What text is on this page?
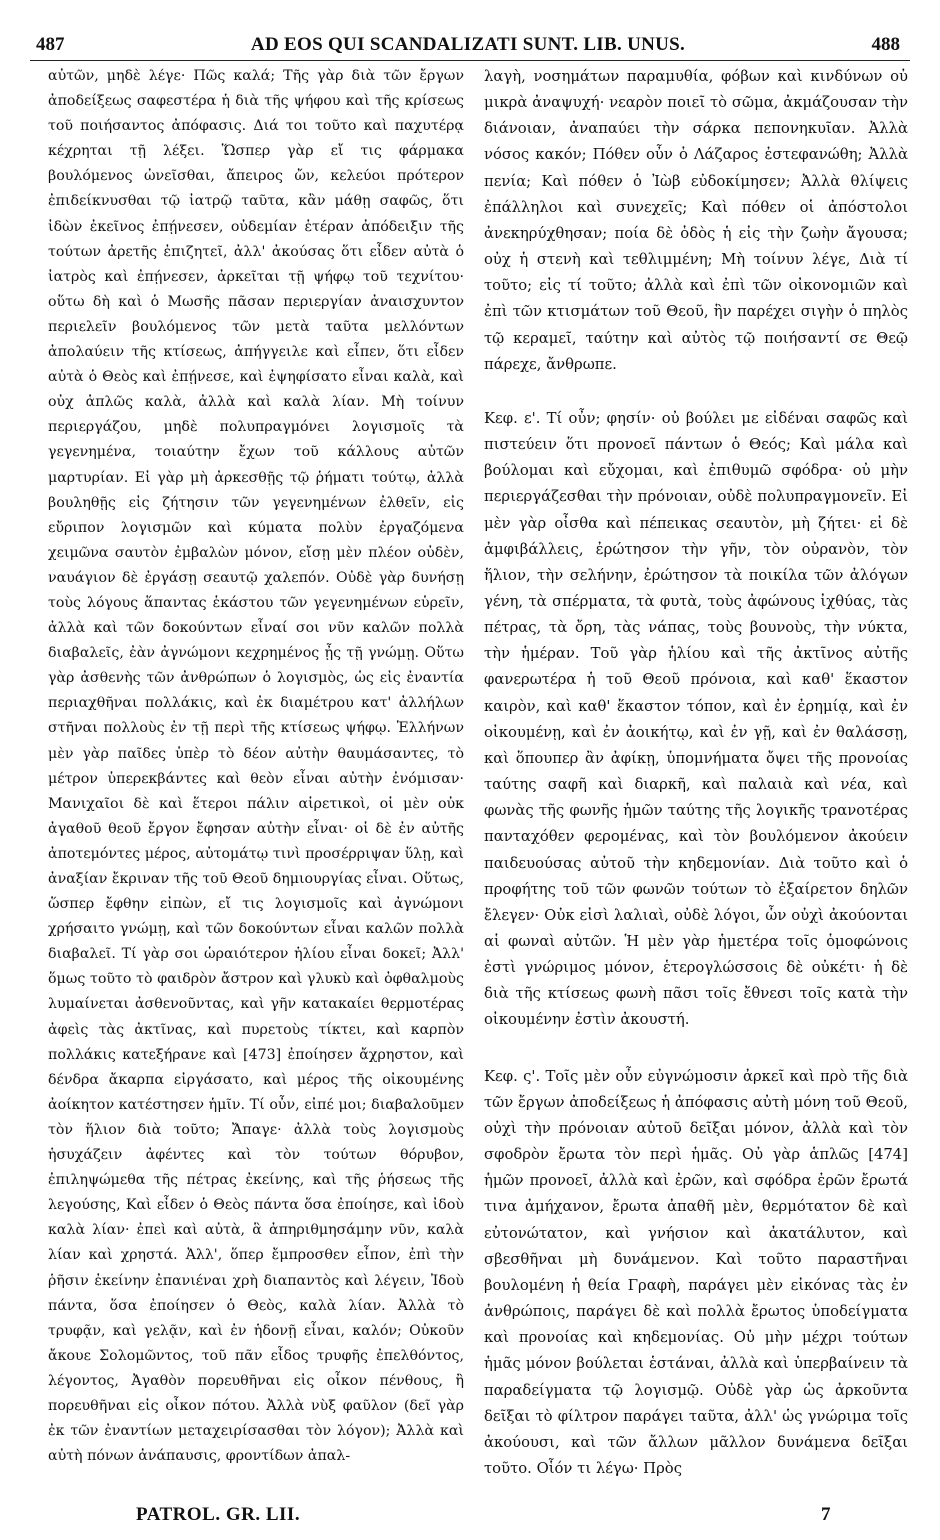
487	AD EOS QUI SCANDALIZATI SUNT. LIB. UNUS.	488

αὐτῶν, μηδὲ λέγε· Πῶς καλά; Τῆς γὰρ διὰ τῶν ἔργων ἀποδείξεως σαφεστέρα ἡ διὰ τῆς ψήφου καὶ τῆς κρίσεως τοῦ ποιήσαντος ἀπόφασις. Διά τοι τοῦτο καὶ παχυτέρᾳ κέχρηται τῇ λέξει. Ὥσπερ γὰρ εἴ τις φάρμακα βουλόμενος ὠνεῖσθαι, ἄπειρος ὤν, κελεύοι πρότερον ἐπιδείκνυσθαι τῷ ἰατρῷ ταῦτα, κἂν μάθῃ σαφῶς, ὅτι ἰδὼν ἐκεῖνος ἐπῄνεσεν, οὐδεμίαν ἑτέραν ἀπόδειξιν τῆς τούτων ἀρετῆς ἐπιζητεῖ, ἀλλ' ἀκούσας ὅτι εἶδεν αὐτὰ ὁ ἰατρὸς καὶ ἐπῄνεσεν, ἀρκεῖται τῇ ψήφῳ τοῦ τεχνίτου· οὕτω δὴ καὶ ὁ Μωσῆς πᾶσαν περιεργίαν ἀναισχυντον περιελεῖν βουλόμενος τῶν μετὰ ταῦτα μελλόντων ἀπολαύειν τῆς κτίσεως, ἀπήγγειλε καὶ εἶπεν, ὅτι εἶδεν αὐτὰ ὁ Θεὸς καὶ ἐπῄνεσε, καὶ ἐψηφίσατο εἶναι καλὰ, καὶ οὐχ ἁπλῶς καλὰ, ἀλλὰ καὶ καλὰ λίαν. Μὴ τοίνυν περιεργάζου, μηδὲ πολυπραγμόνει λογισμοῖς τὰ γεγενημένα, τοιαύτην ἔχων τοῦ κάλλους αὐτῶν μαρτυρίαν. Εἰ γὰρ μὴ ἀρκεσθῇς τῷ ῥήματι τούτῳ, ἀλλὰ βουληθῇς εἰς ζήτησιν τῶν γεγενημένων ἐλθεῖν, εἰς εὔριπον λογισμῶν καὶ κύματα πολὺν ἐργαζόμενα χειμῶνα σαυτὸν ἐμβαλὼν μόνον, εἴσῃ μὲν πλέον οὐδὲν, ναυάγιον δὲ ἐργάσῃ σεαυτῷ χαλεπόν. Οὐδὲ γὰρ δυνήσῃ τοὺς λόγους ἅπαντας ἑκάστου τῶν γεγενημένων εὑρεῖν, ἀλλὰ καὶ τῶν δοκούντων εἶναί σοι νῦν καλῶν πολλὰ διαβαλεῖς, ἐὰν ἀγνώμονι κεχρημένος ᾖς τῇ γνώμῃ. Οὕτω γὰρ ἀσθενὴς τῶν ἀνθρώπων ὁ λογισμὸς, ὡς εἰς ἐναντία περιαχθῆναι πολλάκις, καὶ ἐκ διαμέτρου κατ' ἀλλήλων στῆναι πολλοὺς ἐν τῇ περὶ τῆς κτίσεως ψήφῳ. Ἑλλήνων μὲν γὰρ παῖδες ὑπὲρ τὸ δέον αὐτὴν θαυμάσαντες, τὸ μέτρον ὑπερεκβάντες καὶ θεὸν εἶναι αὐτὴν ἐνόμισαν· Μανιχαῖοι δὲ καὶ ἕτεροι πάλιν αἱρετικοὶ, οἱ μὲν οὐκ ἀγαθοῦ θεοῦ ἔργον ἔφησαν αὐτὴν εἶναι· οἱ δὲ ἐν αὐτῆς ἀποτεμόντες μέρος, αὐτομάτῳ τινὶ προσέρριψαν ὕλῃ, καὶ ἀναξίαν ἔκριναν τῆς τοῦ Θεοῦ δημιουργίας εἶναι. Οὕτως, ὥσπερ ἔφθην εἰπὼν, εἴ τις λογισμοῖς καὶ ἀγνώμονι χρήσαιτο γνώμῃ, καὶ τῶν δοκούντων εἶναι καλῶν πολλὰ διαβαλεῖ. Τί γὰρ σοι ὡραιότερον ἡλίου εἶναι δοκεῖ; Ἀλλ' ὅμως τοῦτο τὸ φαιδρὸν ἄστρον καὶ γλυκὺ καὶ ὀφθαλμοὺς λυμαίνεται ἀσθενοῦντας, καὶ γῆν κατακαίει θερμοτέρας ἀφεὶς τὰς ἀκτῖνας, καὶ πυρετοὺς τίκτει, καὶ καρπὸν πολλάκις κατεξήρανε καὶ [473] ἐποίησεν ἄχρηστον, καὶ δένδρα ἄκαρπα εἰργάσατο, καὶ μέρος τῆς οἰκουμένης ἀοίκητον κατέστησεν ἡμῖν. Τί οὖν, εἰπέ μοι; διαβαλοῦμεν τὸν ἥλιον διὰ τοῦτο; Ἄπαγε· ἀλλὰ τοὺς λογισμοὺς ἡσυχάζειν ἀφέντες καὶ τὸν τούτων θόρυβον, ἐπιληψώμεθα τῆς πέτρας ἐκείνης, καὶ τῆς ῥήσεως τῆς λεγούσης, Καὶ εἶδεν ὁ Θεὸς πάντα ὅσα ἐποίησε, καὶ ἰδοὺ καλὰ λίαν· ἐπεὶ καὶ αὐτὰ, ἃ ἀπηριθμησάμην νῦν, καλὰ λίαν καὶ χρηστά. Ἀλλ', ὅπερ ἔμπροσθεν εἶπον, ἐπὶ τὴν ῥῆσιν ἐκείνην ἐπανιέναι χρὴ διαπαντὸς καὶ λέγειν, Ἰδοὺ πάντα, ὅσα ἐποίησεν ὁ Θεὸς, καλὰ λίαν. Ἀλλὰ τὸ τρυφᾷν, καὶ γελᾷν, καὶ ἐν ἡδονῇ εἶναι, καλόν; Οὐκοῦν ἄκουε Σολομῶντος, τοῦ πᾶν εἶδος τρυφῆς ἐπελθόντος, λέγοντος, Ἀγαθὸν πορευθῆναι εἰς οἶκον πένθους, ἢ πορευθῆναι εἰς οἶκον πότου. Ἀλλὰ νὺξ φαῦλον (δεῖ γὰρ ἐκ τῶν ἐναντίων μεταχειρίσασθαι τὸν λόγον); Ἀλλὰ καὶ αὐτὴ πόνων ἀνάπαυσις, φροντίδων ἀπαλ-

λαγὴ, νοσημάτων παραμυθία, φόβων καὶ κινδύνων οὐ μικρὰ ἀναψυχή· νεαρὸν ποιεῖ τὸ σῶμα, ἀκμάζουσαν τὴν διάνοιαν, ἀναπαύει τὴν σάρκα πεπονηκυῖαν. Ἀλλὰ νόσος κακόν; Πόθεν οὖν ὁ Λάζαρος ἐστεφανώθη; Ἀλλὰ πενία; Καὶ πόθεν ὁ Ἰὼβ εὐδοκίμησεν; Ἀλλὰ θλίψεις ἐπάλληλοι καὶ συνεχεῖς; Καὶ πόθεν οἱ ἀπόστολοι ἀνεκηρύχθησαν; ποία δὲ ὁδὸς ἡ εἰς τὴν ζωὴν ἄγουσα; οὐχ ἡ στενὴ καὶ τεθλιμμένη; Μὴ τοίνυν λέγε, Διὰ τί τοῦτο; εἰς τί τοῦτο; ἀλλὰ καὶ ἐπὶ τῶν οἰκονομιῶν καὶ ἐπὶ τῶν κτισμάτων τοῦ Θεοῦ, ἣν παρέχει σιγὴν ὁ πηλὸς τῷ κεραμεῖ, ταύτην καὶ αὐτὸς τῷ ποιήσαντί σε Θεῷ πάρεχε, ἄνθρωπε.

Κεφ. ε'. Τί οὖν; φησίν· οὐ βούλει με εἰδέναι σαφῶς καὶ πιστεύειν ὅτι προνοεῖ πάντων ὁ Θεός; Καὶ μάλα καὶ βούλομαι καὶ εὔχομαι, καὶ ἐπιθυμῶ σφόδρα· οὐ μὴν περιεργάζεσθαι τὴν πρόνοιαν, οὐδὲ πολυπραγμονεῖν. Εἰ μὲν γὰρ οἶσθα καὶ πέπεικας σεαυτὸν, μὴ ζήτει· εἰ δὲ ἀμφιβάλλεις, ἐρώτησον τὴν γῆν, τὸν οὐρανὸν, τὸν ἥλιον, τὴν σελήνην, ἐρώτησον τὰ ποικίλα τῶν ἀλόγων γένη, τὰ σπέρματα, τὰ φυτὰ, τοὺς ἀφώνους ἰχθύας, τὰς πέτρας, τὰ ὄρη, τὰς νάπας, τοὺς βουνοὺς, τὴν νύκτα, τὴν ἡμέραν. Τοῦ γὰρ ἡλίου καὶ τῆς ἀκτῖνος αὐτῆς φανερωτέρα ἡ τοῦ Θεοῦ πρόνοια, καὶ καθ' ἕκαστον καιρὸν, καὶ καθ' ἕκαστον τόπον, καὶ ἐν ἐρημίᾳ, καὶ ἐν οἰκουμένῃ, καὶ ἐν ἀοικήτῳ, καὶ ἐν γῇ, καὶ ἐν θαλάσσῃ, καὶ ὅπουπερ ἂν ἀφίκῃ, ὑπομνήματα ὄψει τῆς προνοίας ταύτης σαφῆ καὶ διαρκῆ, καὶ παλαιὰ καὶ νέα, καὶ φωνὰς τῆς φωνῆς ἡμῶν ταύτης τῆς λογικῆς τρανοτέρας πανταχόθεν φερομένας, καὶ τὸν βουλόμενον ἀκούειν παιδευούσας αὐτοῦ τὴν κηδεμονίαν. Διὰ τοῦτο καὶ ὁ προφήτης τοῦ τῶν φωνῶν τούτων τὸ ἐξαίρετον δηλῶν ἔλεγεν· Οὐκ εἰσὶ λαλιαὶ, οὐδὲ λόγοι, ὧν οὐχὶ ἀκούονται αἱ φωναὶ αὐτῶν. Ἡ μὲν γὰρ ἡμετέρα τοῖς ὁμοφώνοις ἐστὶ γνώριμος μόνον, ἑτερογλώσσοις δὲ οὐκέτι· ἡ δὲ διὰ τῆς κτίσεως φωνὴ πᾶσι τοῖς ἔθνεσι τοῖς κατὰ τὴν οἰκουμένην ἐστὶν ἀκουστή.

Κεφ. ς'. Τοῖς μὲν οὖν εὐγνώμοσιν ἀρκεῖ καὶ πρὸ τῆς διὰ τῶν ἔργων ἀποδείξεως ἡ ἀπόφασις αὐτὴ μόνη τοῦ Θεοῦ, οὐχὶ τὴν πρόνοιαν αὐτοῦ δεῖξαι μόνον, ἀλλὰ καὶ τὸν σφοδρὸν ἔρωτα τὸν περὶ ἡμᾶς. Οὐ γὰρ ἁπλῶς [474] ἡμῶν προνοεῖ, ἀλλὰ καὶ ἐρῶν, καὶ σφόδρα ἐρῶν ἔρωτά τινα ἀμήχανον, ἔρωτα ἀπαθῆ μὲν, θερμότατον δὲ καὶ εὐτονώτατον, καὶ γνήσιον καὶ ἀκατάλυτον, καὶ σβεσθῆναι μὴ δυνάμενον. Καὶ τοῦτο παραστῆναι βουλομένη ἡ θεία Γραφὴ, παράγει μὲν εἰκόνας τὰς ἐν ἀνθρώποις, παράγει δὲ καὶ πολλὰ ἔρωτος ὑποδείγματα καὶ προνοίας καὶ κηδεμονίας. Οὐ μὴν μέχρι τούτων ἡμᾶς μόνον βούλεται ἑστάναι, ἀλλὰ καὶ ὑπερβαίνειν τὰ παραδείγματα τῷ λογισμῷ. Οὐδὲ γὰρ ὡς ἀρκοῦντα δεῖξαι τὸ φίλτρον παράγει ταῦτα, ἀλλ' ὡς γνώριμα τοῖς ἀκούουσι, καὶ τῶν ἄλλων μᾶλλον δυνάμενα δεῖξαι τοῦτο. Οἷόν τι λέγω· Πρὸς

PATROL. GR. LII.	7
